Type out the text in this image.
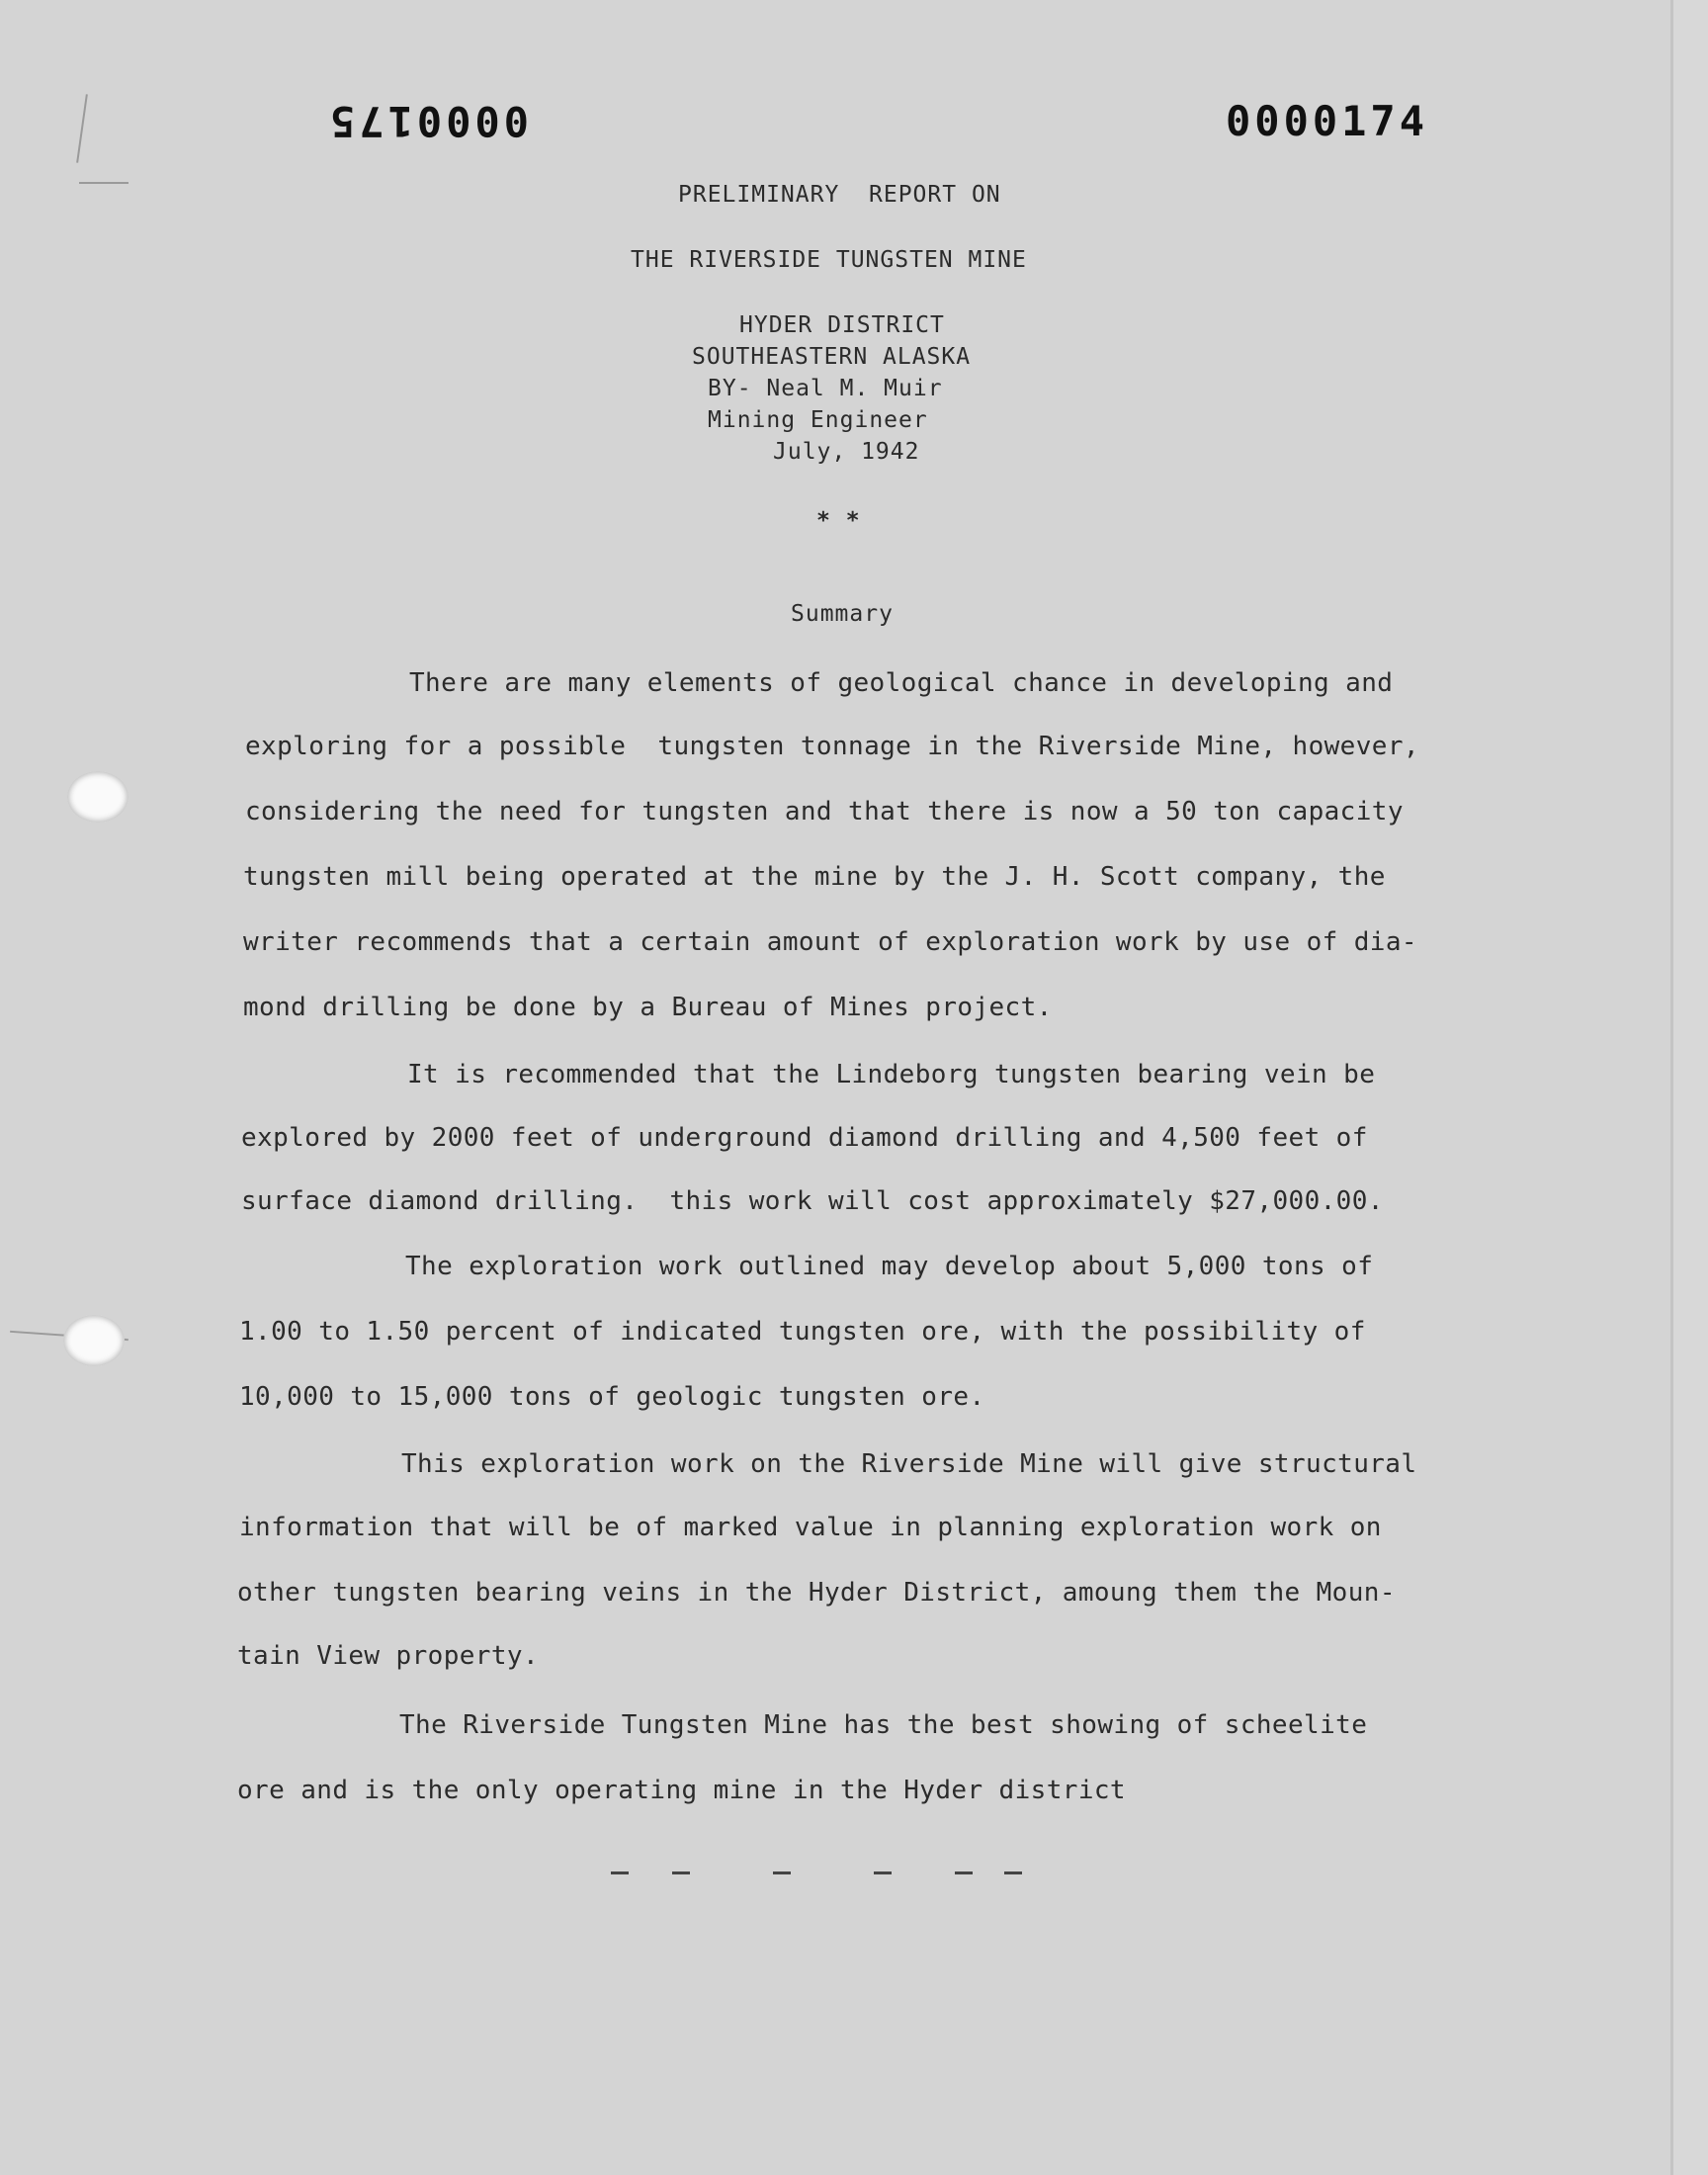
0000175	0000174
PRELIMINARY  REPORT ON
THE RIVERSIDE TUNGSTEN MINE
HYDER DISTRICT
SOUTHEASTERN ALASKA
BY- Neal M. Muir
Mining Engineer
July, 1942
* *
Summary
There are many elements of geological chance in developing and
exploring for a possible  tungsten tonnage in the Riverside Mine, however,
considering the need for tungsten and that there is now a 50 ton capacity
tungsten mill being operated at the mine by the J. H. Scott company, the
writer recommends that a certain amount of exploration work by use of dia-
mond drilling be done by a Bureau of Mines project.
It is recommended that the Lindeborg tungsten bearing vein be
explored by 2000 feet of underground diamond drilling and 4,500 feet of
surface diamond drilling.  this work will cost approximately $27,000.00.
The exploration work outlined may develop about 5,000 tons of
1.00 to 1.50 percent of indicated tungsten ore, with the possibility of
10,000 to 15,000 tons of geologic tungsten ore.
This exploration work on the Riverside Mine will give structural
information that will be of marked value in planning exploration work on
other tungsten bearing veins in the Hyder District, amoung them the Moun-
tain View property.
The Riverside Tungsten Mine has the best showing of scheelite
ore and is the only operating mine in the Hyder district
